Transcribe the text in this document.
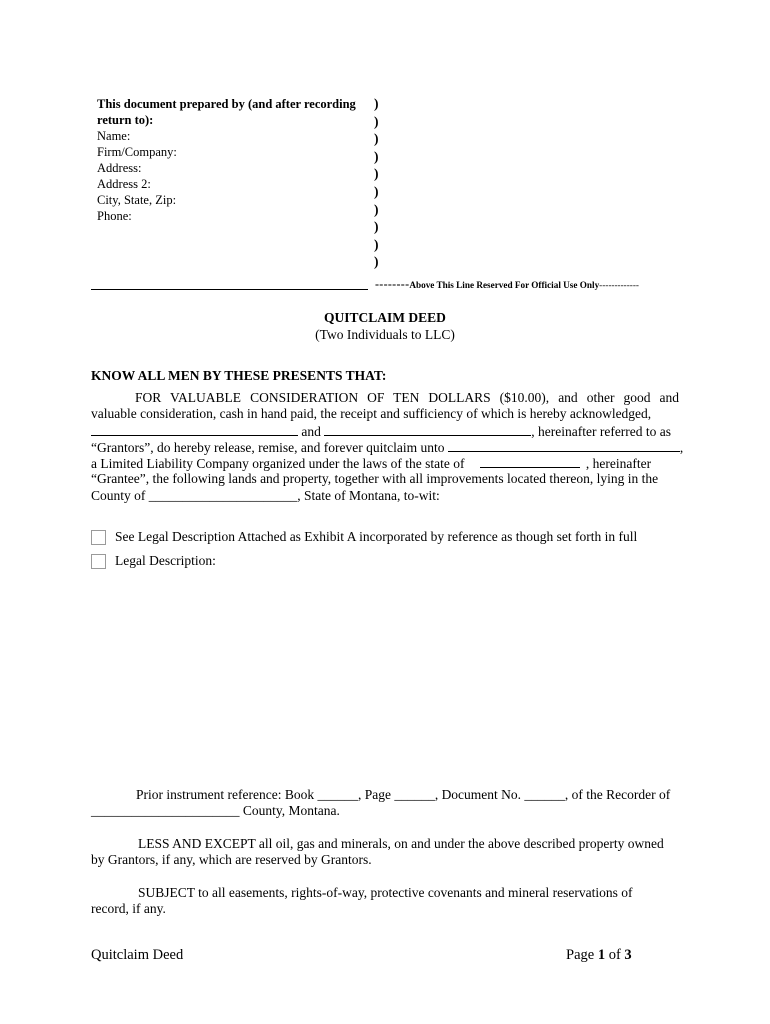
This document prepared by (and after recording
return to):
Name:
Firm/Company:
Address:
Address 2:
City, State, Zip:
Phone:
)
)
)
)
)
)
)
)
)
)
--------Above This Line Reserved For Official Use Only-------------
QUITCLAIM DEED
(Two Individuals to LLC)
KNOW ALL MEN BY THESE PRESENTS THAT:
FOR VALUABLE CONSIDERATION OF TEN DOLLARS ($10.00), and other good and
valuable consideration, cash in hand paid, the receipt and sufficiency of which is hereby acknowledged,
and	, hereinafter referred to as
“Grantors”, do hereby release, remise, and forever quitclaim unto	,
a Limited Liability Company organized under the laws of the state of	, hereinafter
“Grantee”, the following lands and property, together with all improvements located thereon, lying in the
County of ______________________, State of Montana, to-wit:
See Legal Description Attached as Exhibit A incorporated by reference as though set forth in full
Legal Description:
Prior instrument reference: Book ______, Page ______, Document No. ______, of the Recorder of
______________________ County, Montana.
LESS AND EXCEPT all oil, gas and minerals, on and under the above described property owned
by Grantors, if any, which are reserved by Grantors.
SUBJECT to all easements, rights-of-way, protective covenants and mineral reservations of
record, if any.
Quitclaim Deed	Page 1 of 3
